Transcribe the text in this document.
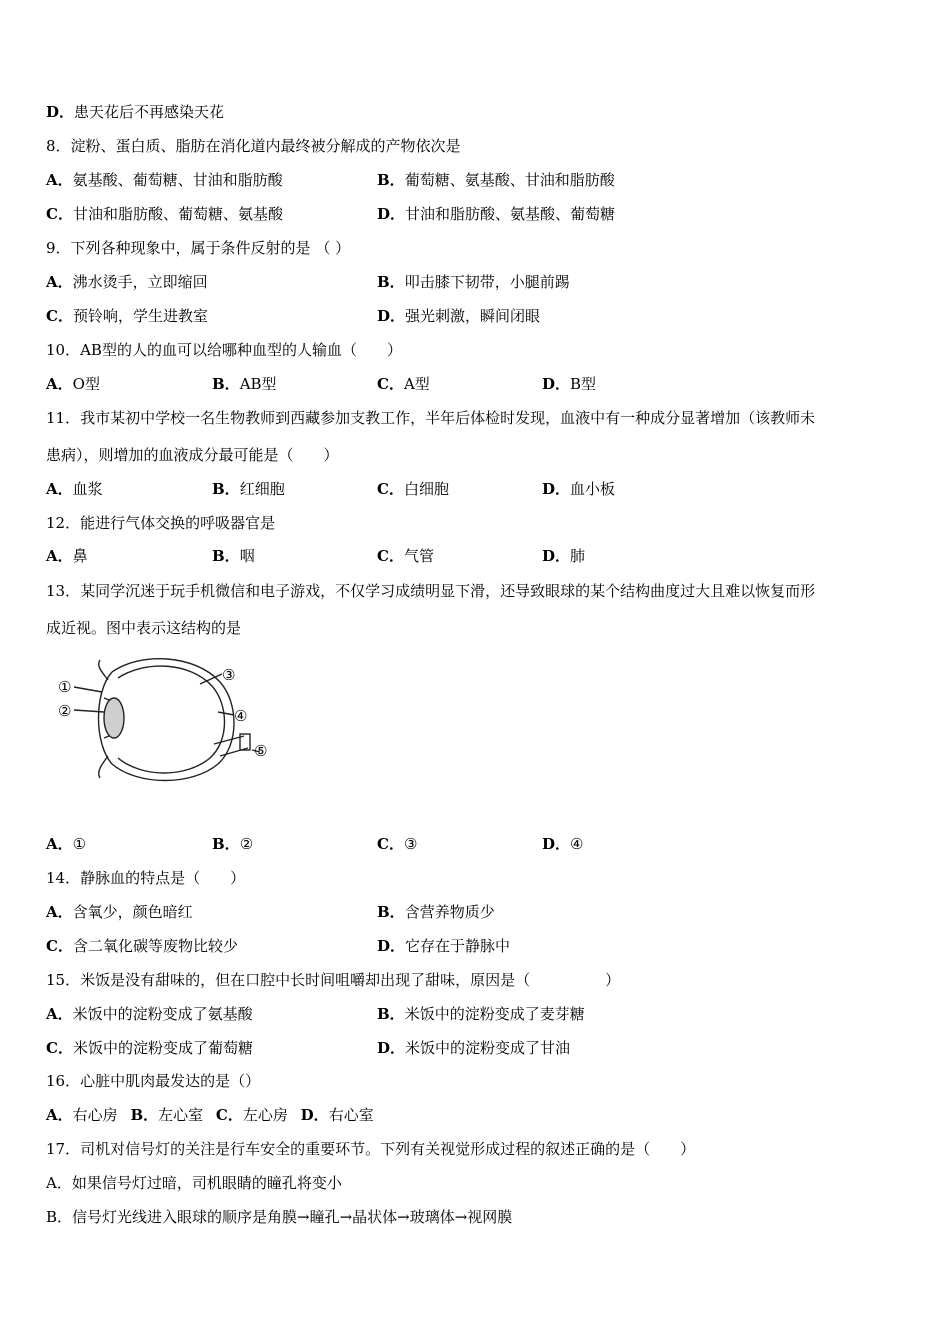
D．患天花后不再感染天花
8．淀粉、蛋白质、脂肪在消化道内最终被分解成的产物依次是
A．氨基酸、葡萄糖、甘油和脂肪酸	B．葡萄糖、氨基酸、甘油和脂肪酸
C．甘油和脂肪酸、葡萄糖、氨基酸	D．甘油和脂肪酸、氨基酸、葡萄糖
9．下列各种现象中，属于条件反射的是 （ ）
A．沸水烫手，立即缩回	B．叩击膝下韧带，小腿前踢
C．预铃响，学生进教室	D．强光刺激，瞬间闭眼
10．AB型的人的血可以给哪种血型的人输血（　　）
A．O型	B．AB型	C．A型	D．B型
11．我市某初中学校一名生物教师到西藏参加支教工作，半年后体检时发现，血液中有一种成分显著增加（该教师未
患病），则增加的血液成分最可能是（　　）
A．血浆	B．红细胞	C．白细胞	D．血小板
12．能进行气体交换的呼吸器官是
A．鼻	B．咽	C．气管	D．肺
13．某同学沉迷于玩手机微信和电子游戏，不仅学习成绩明显下滑，还导致眼球的某个结构曲度过大且难以恢复而形
成近视。图中表示这结构的是
①
②
③
④
⑤
A．①	B．②	C．③	D．④
14．静脉血的特点是（　　）
A．含氧少，颜色暗红	B．含营养物质少
C．含二氧化碳等废物比较少	D．它存在于静脉中
15．米饭是没有甜味的，但在口腔中长时间咀嚼却出现了甜味，原因是（　　　　　）
A．米饭中的淀粉变成了氨基酸	B．米饭中的淀粉变成了麦芽糖
C．米饭中的淀粉变成了葡萄糖	D．米饭中的淀粉变成了甘油
16．心脏中肌肉最发达的是（）
A．右心房 B．左心室 C．左心房 D．右心室
17．司机对信号灯的关注是行车安全的重要环节。下列有关视觉形成过程的叙述正确的是（　　）
A．如果信号灯过暗，司机眼睛的瞳孔将变小
B．信号灯光线进入眼球的顺序是角膜→瞳孔→晶状体→玻璃体→视网膜
